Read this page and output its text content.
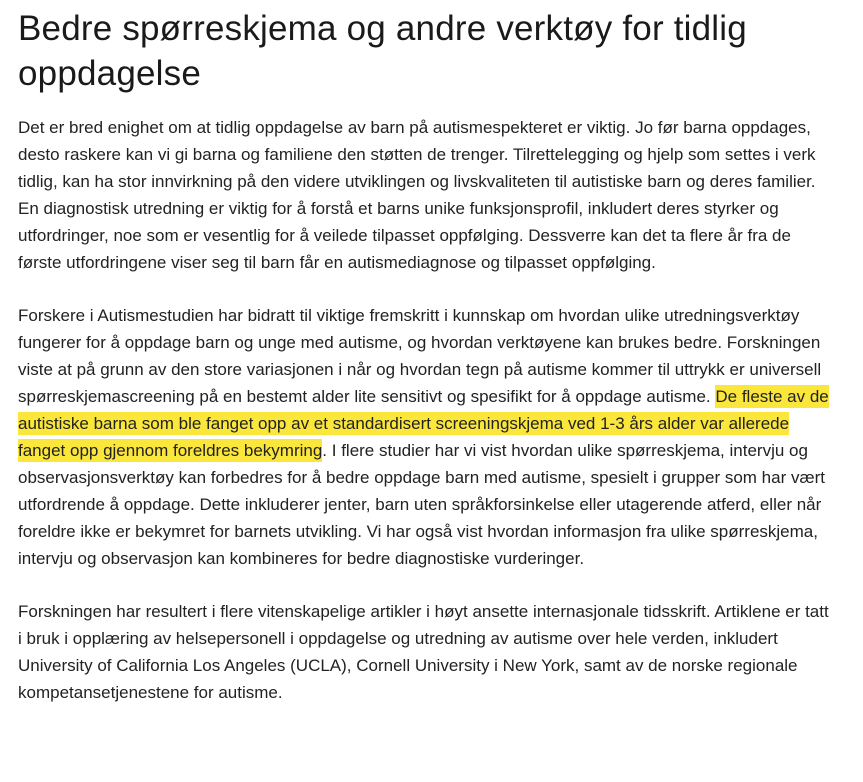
Bedre spørreskjema og andre verktøy for tidlig oppdagelse

Det er bred enighet om at tidlig oppdagelse av barn på autismespekteret er viktig. Jo før barna oppdages, desto raskere kan vi gi barna og familiene den støtten de trenger. Tilrettelegging og hjelp som settes i verk tidlig, kan ha stor innvirkning på den videre utviklingen og livskvaliteten til autistiske barn og deres familier. En diagnostisk utredning er viktig for å forstå et barns unike funksjonsprofil, inkludert deres styrker og utfordringer, noe som er vesentlig for å veilede tilpasset oppfølging. Dessverre kan det ta flere år fra de første utfordringene viser seg til barn får en autismediagnose og tilpasset oppfølging.

Forskere i Autismestudien har bidratt til viktige fremskritt i kunnskap om hvordan ulike utredningsverktøy fungerer for å oppdage barn og unge med autisme, og hvordan verktøyene kan brukes bedre. Forskningen viste at på grunn av den store variasjonen i når og hvordan tegn på autisme kommer til uttrykk er universell spørreskjemascreening på en bestemt alder lite sensitivt og spesifikt for å oppdage autisme. De fleste av de autistiske barna som ble fanget opp av et standardisert screeningskjema ved 1-3 års alder var allerede fanget opp gjennom foreldres bekymring. I flere studier har vi vist hvordan ulike spørreskjema, intervju og observasjonsverktøy kan forbedres for å bedre oppdage barn med autisme, spesielt i grupper som har vært utfordrende å oppdage. Dette inkluderer jenter, barn uten språkforsinkelse eller utagerende atferd, eller når foreldre ikke er bekymret for barnets utvikling. Vi har også vist hvordan informasjon fra ulike spørreskjema, intervju og observasjon kan kombineres for bedre diagnostiske vurderinger.

Forskningen har resultert i flere vitenskapelige artikler i høyt ansette internasjonale tidsskrift. Artiklene er tatt i bruk i opplæring av helsepersonell i oppdagelse og utredning av autisme over hele verden, inkludert University of California Los Angeles (UCLA), Cornell University i New York, samt av de norske regionale kompetansetjenestene for autisme.
